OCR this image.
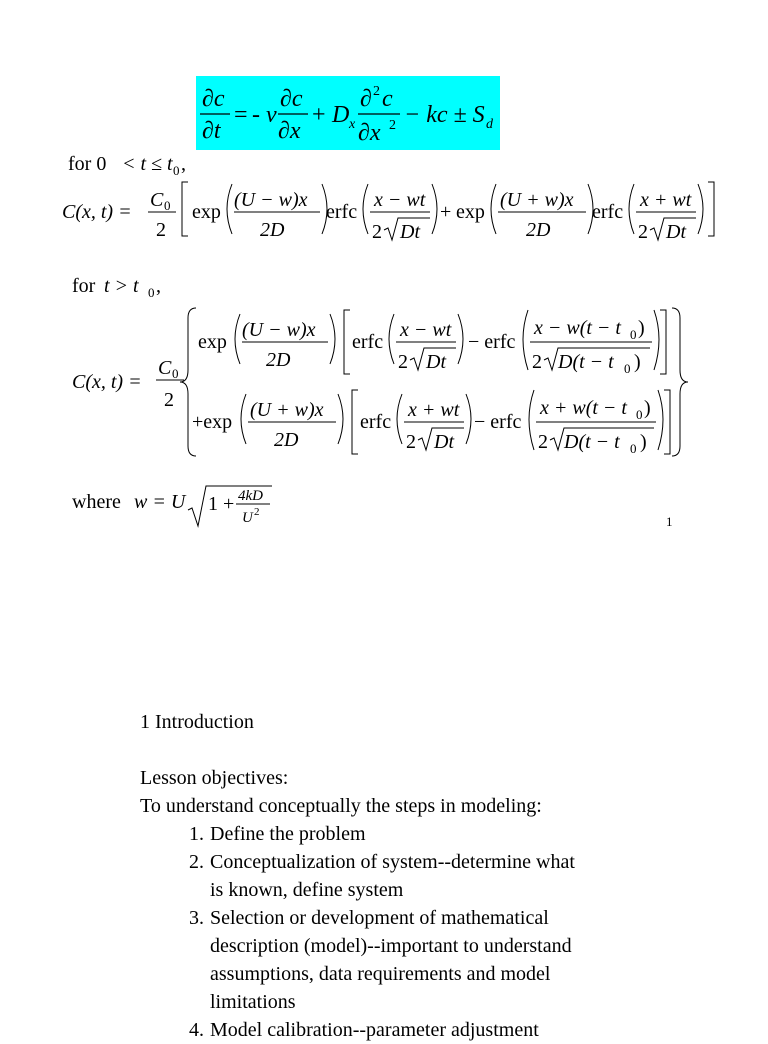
∂c
∂t
= - v
∂c
∂x
+ D x
∂ 2 c
∂x 2 − kc ± S d
for 0 < t ≤ t 0 ,
C(x, t) =
C 0
2
exp
(U − w)x
2D
erfc
x − wt
2 Dt
+ exp
(U + w)x
2D
erfc
x + wt
2 Dt
for t > t 0 ,
C(x, t) =
C 0
2
exp
(U − w)x
2D
erfc
x − wt
2 Dt
− erfc
x − w(t − t 0 )
2 D(t − t 0 )
+exp
(U + w)x
2D
erfc
x + wt
2 Dt
− erfc
x + w(t − t 0 )
2 D(t − t 0 )
where w = U 1 + 4kD
U 2
1
1 Introduction
Lesson objectives:
To understand conceptually the steps in modeling:
1. Define the problem
2. Conceptualization of system--determine what
is known, define system
3. Selection or development of mathematical
description (model)--important to understand
assumptions, data requirements and model
limitations
4. Model calibration--parameter adjustment
